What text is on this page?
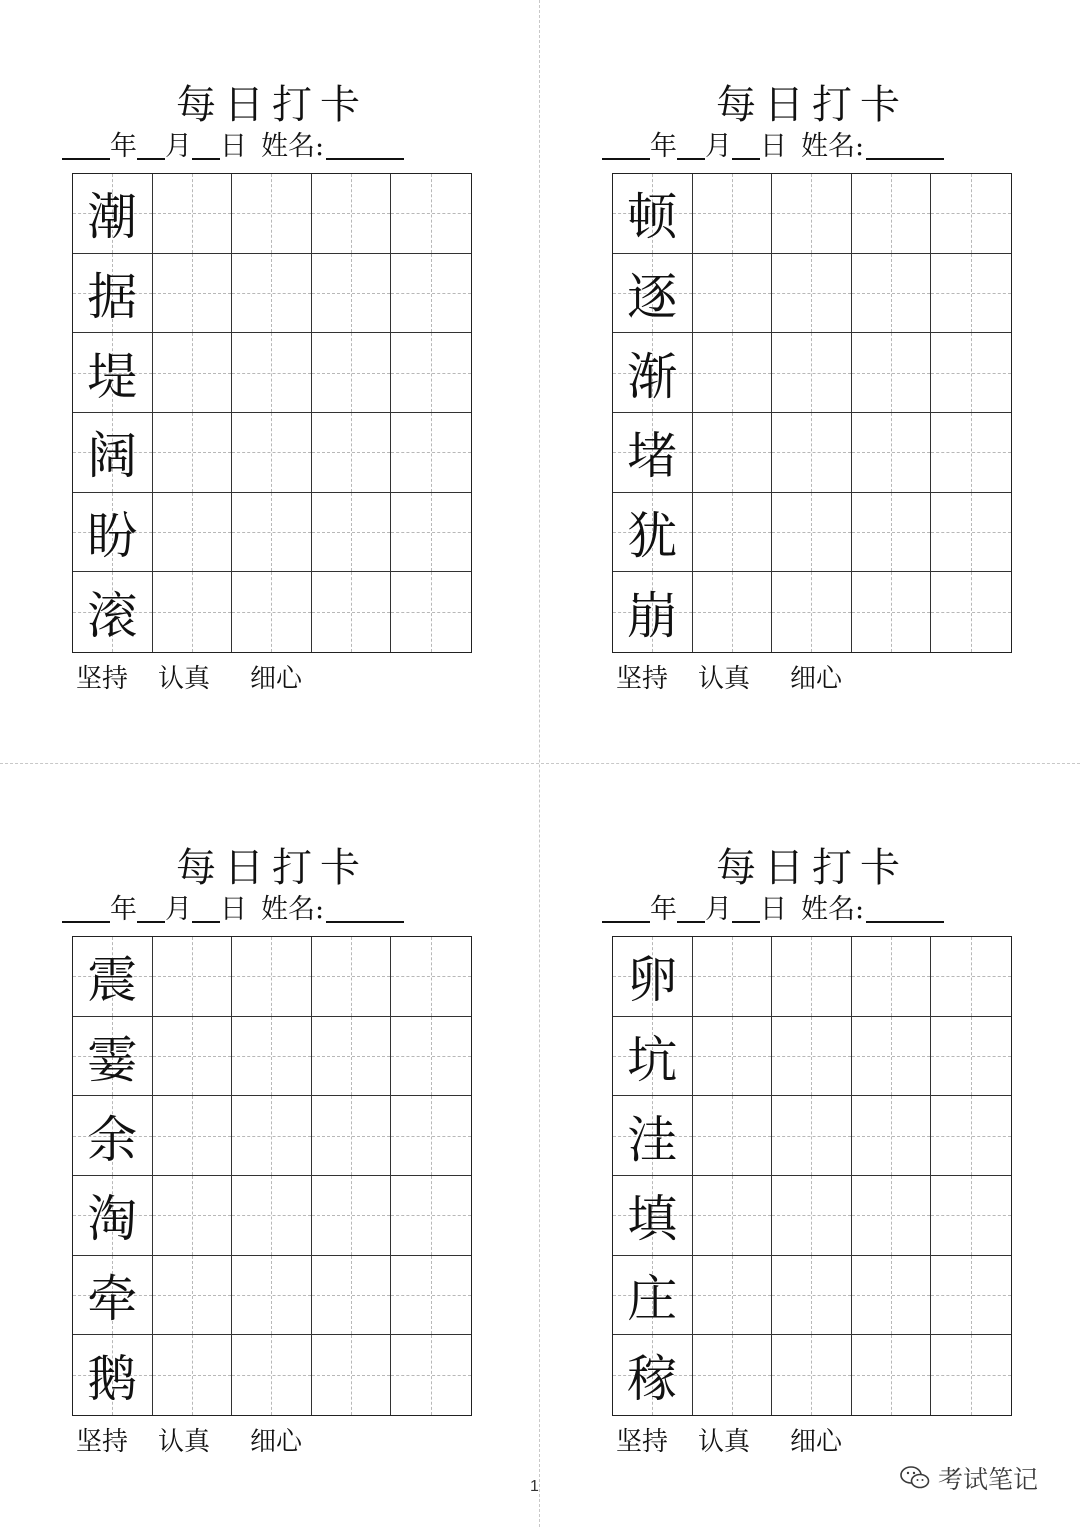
每日打卡
年 月 日 姓名:
潮
据
堤
阔
盼
滚
坚持 认真 细心
每日打卡
年 月 日 姓名:
顿
逐
渐
堵
犹
崩
坚持 认真 细心
每日打卡
年 月 日 姓名:
震
霎
余
淘
牵
鹅
坚持 认真 细心
每日打卡
年 月 日 姓名:
卵
坑
洼
填
庄
稼
坚持 认真 细心
1	考试笔记
